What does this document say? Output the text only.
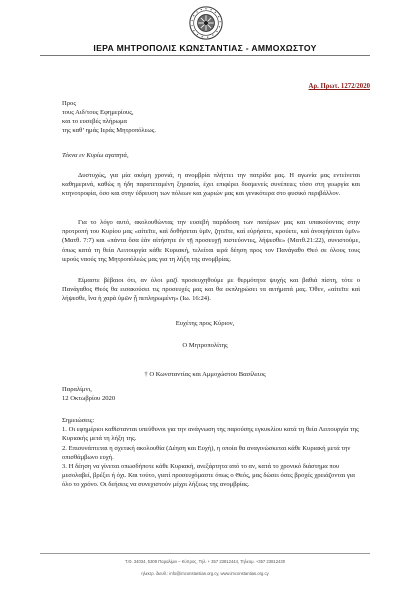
ΙΕΡΑ ΜΗΤΡΟΠΟΛΙΣ ΚΩΝΣΤΑΝΤΙΑΣ - ΑΜΜΟΧΩΣΤΟΥ
Αρ. Πρωτ. 1272/2020
Προς
τους Αιδ/τους Εφημερίους,
και το ευσεβές πλήρωμα
της καθ’ ημάς Ιεράς Μητροπόλεως.
Τέκνα εν Κυρίω αγαπητά,
Δυστυχώς, για μία ακόμη χρονιά, η ανομβρία πλήττει την πατρίδα μας. Η αγωνία μας εντείνεται καθημερινά, καθώς η ήδη παρατεταμένη ξηρασία, έχει επιφέρει δυσμενείς συνέπειες τόσο στη γεωργία και κτηνοτροφία, όσο και στην ύδρευση των πόλεων και χωριών μας και γενικότερα στο φυσικό περιβάλλον.
Για το λόγο αυτό, ακολουθώντας την ευσεβή παράδοση των πατέρων μας και υπακούοντας στην προτροπή του Κυρίου μας «αἰτεῖτε, καὶ δοθήσεται ὑμῖν, ζητεῖτε, καὶ εὑρήσετε, κρούετε, καὶ ἀνοιγήσεται ὑμῖν» (Ματθ. 7:7) και «πάντα ὅσα ἐὰν αἰτήσητε ἐν τῇ προσευχῇ πιστεύοντες, λήψεσθε» (Ματθ.21:22), συνιστούμε, όπως κατά τη θεία Λειτουργία κάθε Κυριακή, τελείται ιερά δέηση προς τον Πανάγαθο Θεό σε όλους τους ιερούς ναούς της Μητροπόλεώς μας για τη λήξη της ανομβρίας.
Είμαστε βέβαιοι ότι, αν όλοι μαζί προσευχηθούμε με θερμότητα ψυχής και βαθιά πίστη, τότε ο Πανάγαθος Θεός θα εισακούσει τις προσευχές μας και θα εκπληρώσει τα αιτήματά μας. Όθεν, «αἰτεῖτε καὶ λήψεσθε, ἵνα ἡ χαρὰ ὑμῶν ᾖ πεπληρωμένη» (Ιω. 16:24).
Ευχέτης προς Κύριον,
Ο Μητροπολίτης
† Ο Κωνσταντίας και Αμμοχώστου Βασίλειος
Παραλίμνι,
12 Οκτωβρίου 2020
Σημειώσεις:
1. Οι εφημέριοι καθίστανται υπεύθυνοι για την ανάγνωση της παρούσης εγκυκλίου κατά τη θεία Λειτουργία της Κυριακής μετά τη λήξη της.
2. Επισυνάπτεται η σχετική ακολουθία (Δέηση και Ευχή), η οποία θα αναγινώσκεται κάθε Κυριακή μετά την οπισθάμβωνο ευχή.
3. Η δέηση να γίνεται οπωσδήποτε κάθε Κυριακή, ανεξάρτητα από το αν, κατά το χρονικό διάστημα που μεσολαβεί, βρέξει ή όχι. Και τούτο, γιατί προσευχόμαστε όπως ο Θεός, μας δώσει όσες βροχές χρειάζονται για όλο το χρόνο. Οι δεήσεις να συνεχιστούν μέχρι λήξεως της ανομβρίας.
Τ.Θ. 34034, 5309 Παραλίμνι – Κύπρος, Τηλ. + 357 23812444, Τηλεομ. +357 23812430
ηλεκτρ. διευθ.: info@imconstantias.org.cy, www.imconstantias.org.cy
